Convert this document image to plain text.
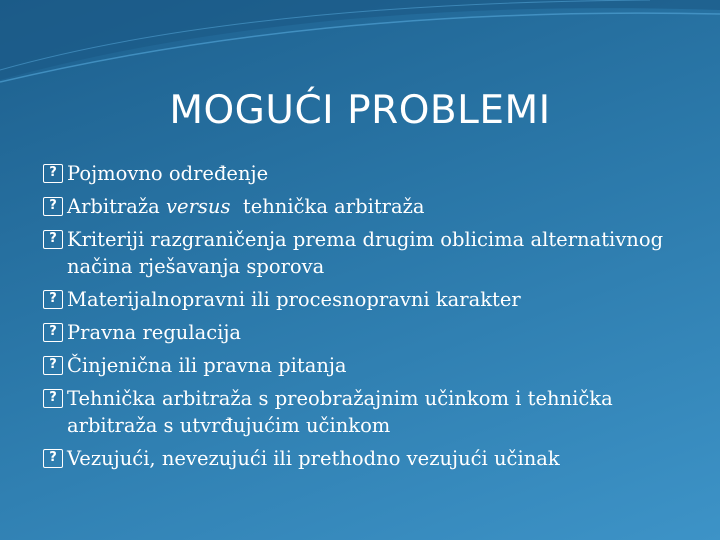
MOGUĆI PROBLEMI
? Pojmovno određenje
? Arbitraža versus  tehnička arbitraža
? Kriteriji razgraničenja prema drugim oblicima alternativnog načina rješavanja sporova
? Materijalnopravni ili procesnopravni karakter
? Pravna regulacija
? Činjenična ili pravna pitanja
? Tehnička arbitraža s preobražajnim učinkom i tehnička arbitraža s utvrđujućim učinkom
? Vezujući, nevezujući ili prethodno vezujući učinak
